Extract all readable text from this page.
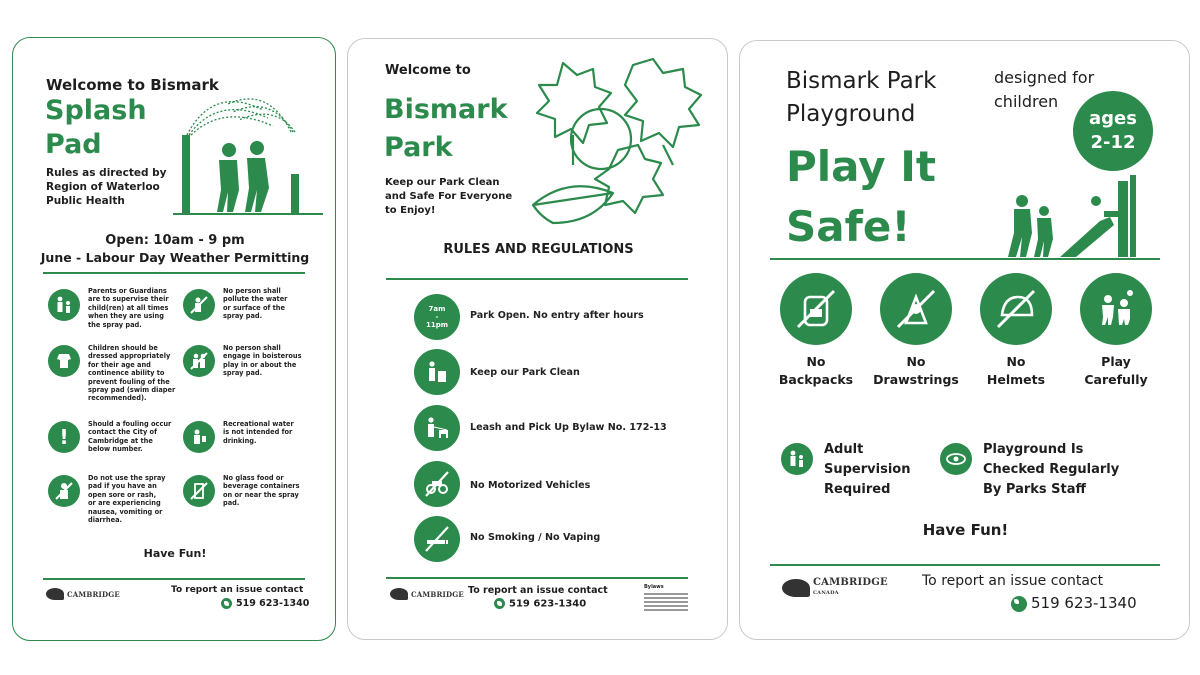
Welcome to Bismark
Splash
Pad
Rules as directed by
Region of Waterloo
Public Health
Open: 10am - 9 pm
June - Labour Day Weather Permitting
Parents or Guardians
are to supervise their
child(ren) at all times
when they are using
the spray pad.
Children should be
dressed appropriately
for their age and
continence ability to
prevent fouling of the
spray pad (swim diaper
recommended).
!
Should a fouling occur
contact the City of
Cambridge at the
below number.
Do not use the spray
pad if you have an
open sore or rash,
or are experiencing
nausea, vomiting or
diarrhea.
No person shall
pollute the water
or surface of the
spray pad.
No person shall
engage in boisterous
play in or about the
spray pad.
Recreational water
is not intended for
drinking.
No glass food or
beverage containers
on or near the spray
pad.
Have Fun!
CAMBRIDGE	To report an issue contact
519 623-1340
Welcome to
Bismark
Park
Keep our Park Clean
and Safe For Everyone
to Enjoy!
RULES AND REGULATIONS
7am
-
11pm
Park Open. No entry after hours
Keep our Park Clean
Leash and Pick Up Bylaw No. 172-13
No Motorized Vehicles
No Smoking / No Vaping
CAMBRIDGE To report an issue contact
519 623-1340
Bylaws
Bismark Park
Playground
designed for
children
ages
2-12
Play It
Safe!
No
Backpacks
No
Drawstrings
No
Helmets
Play
Carefully
Adult
Supervision
Required
Playground Is
Checked Regularly
By Parks Staff
Have Fun!
CAMBRIDGE
CANADA
To report an issue contact
519 623-1340
